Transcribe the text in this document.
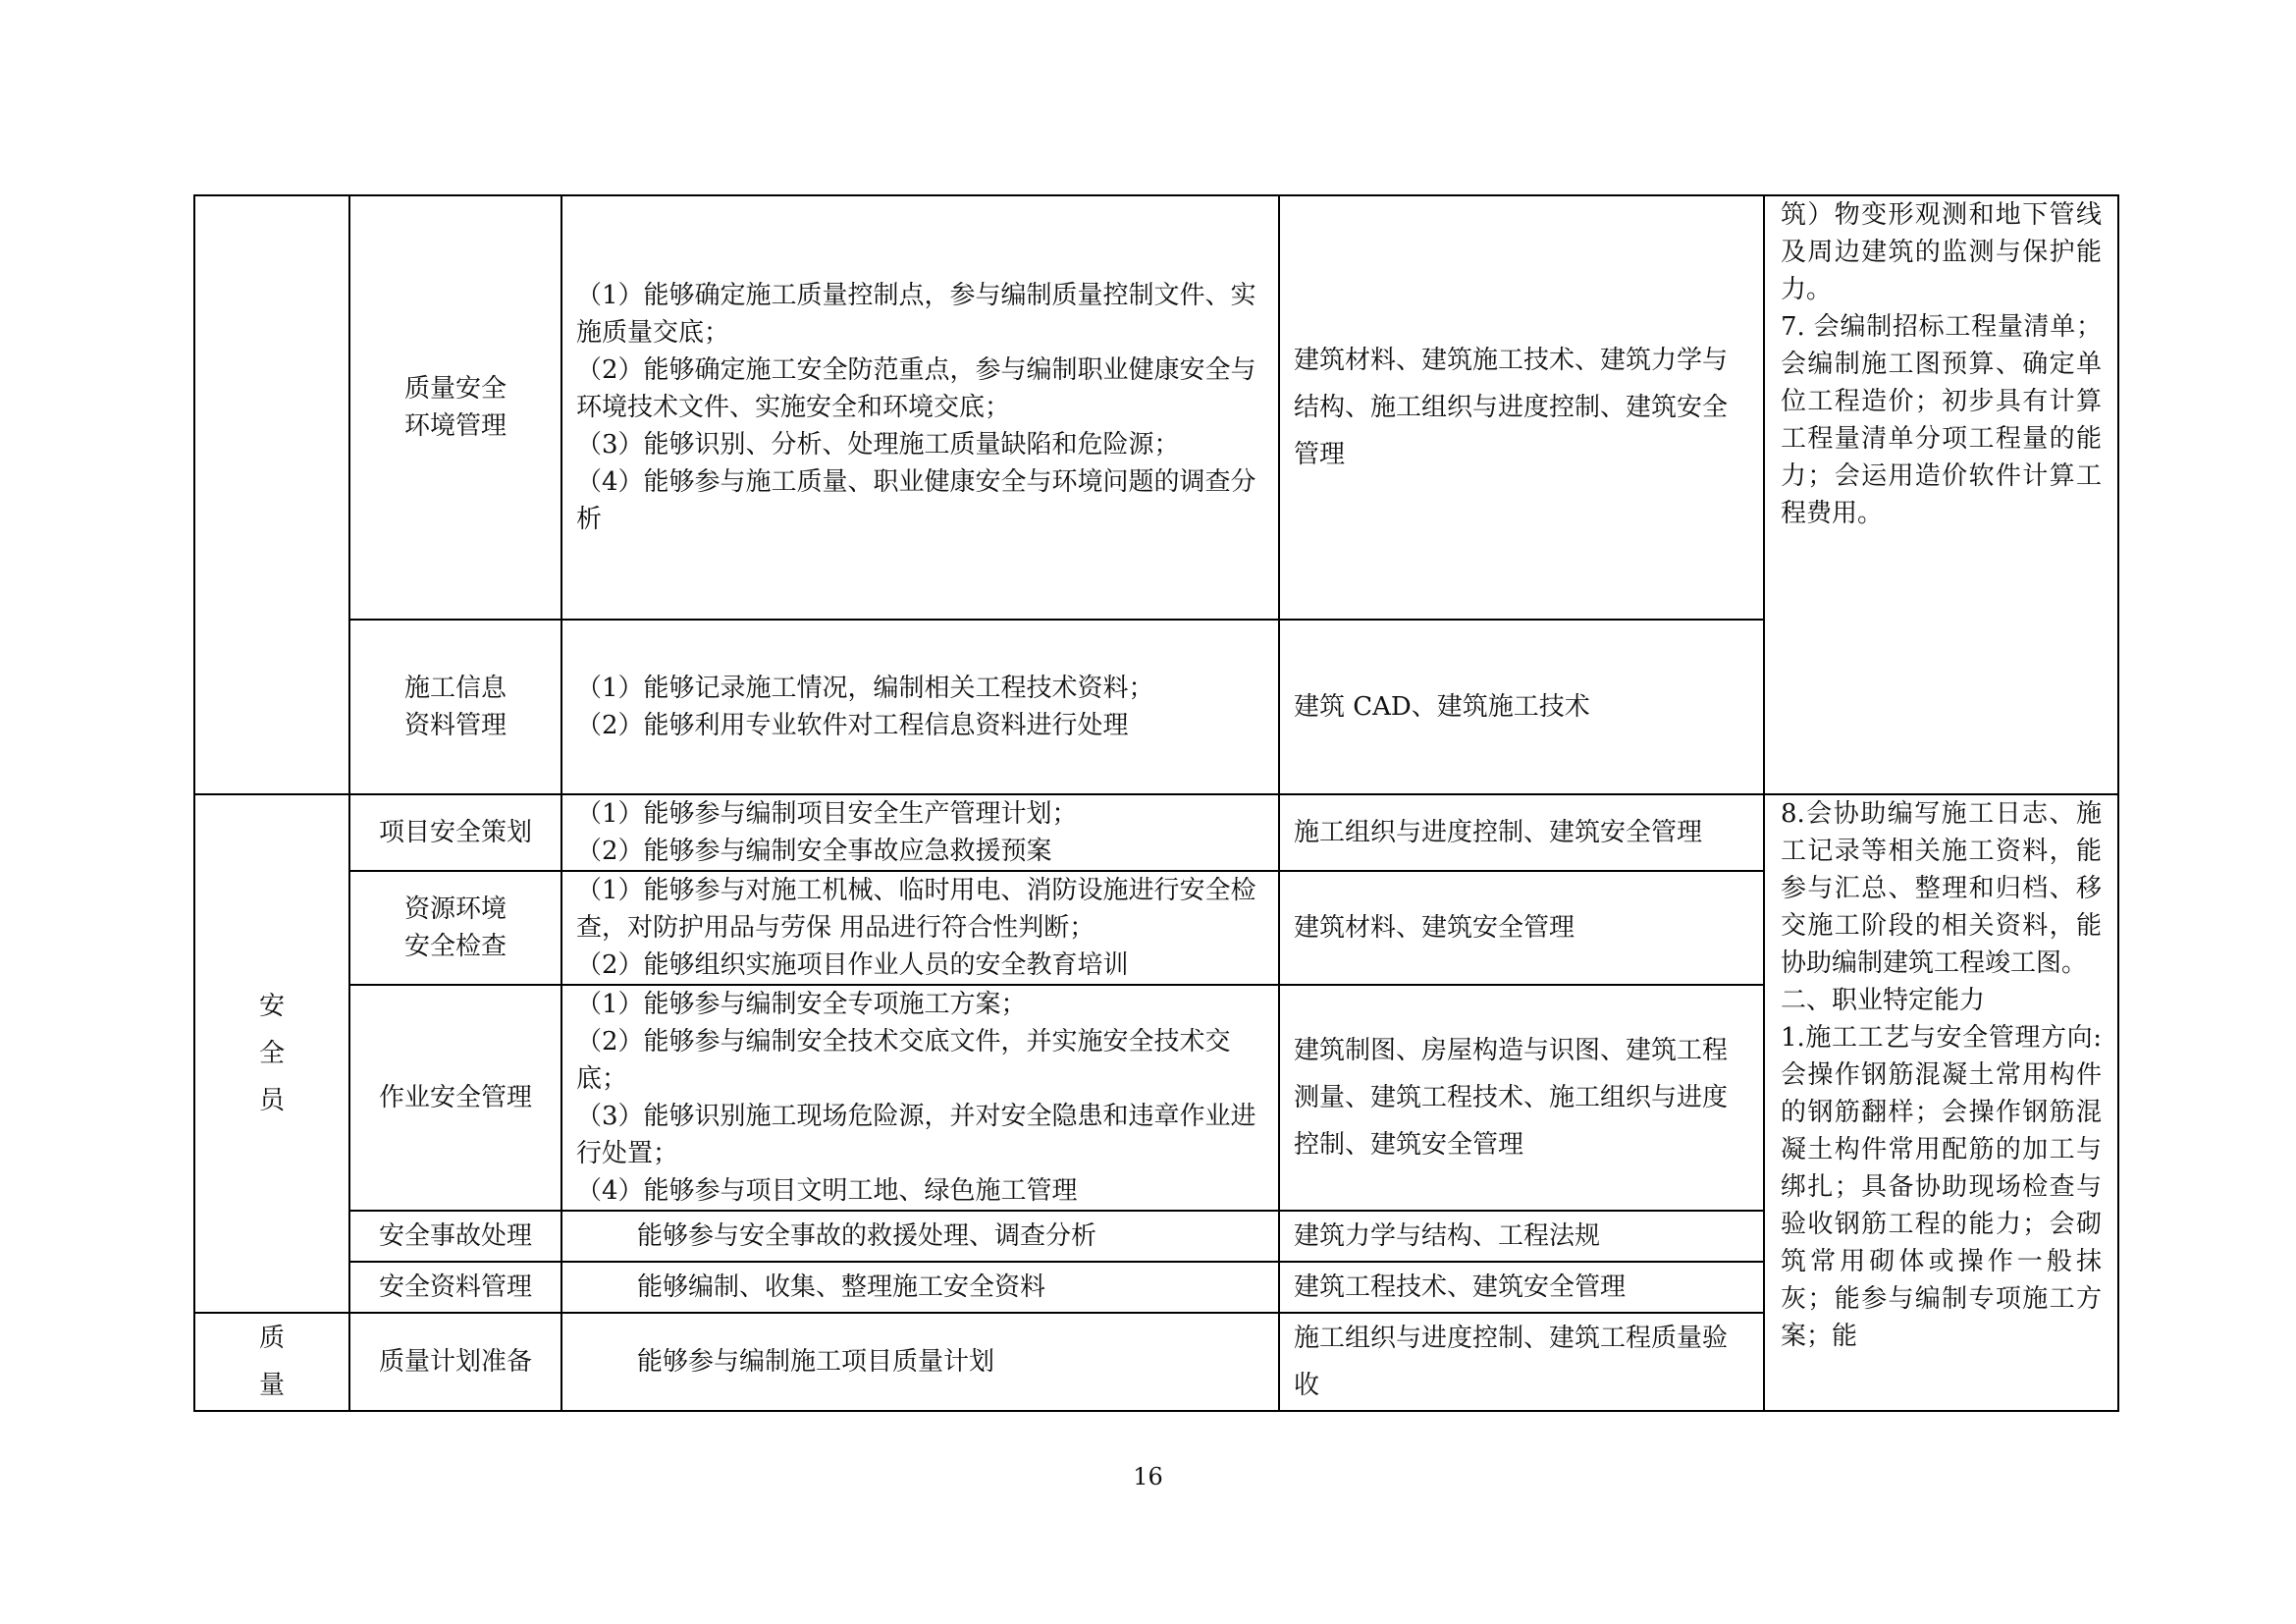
	质量安全
环境管理	（1）能够确定施工质量控制点，参与编制质量控制文件、实施质量交底；
（2）能够确定施工安全防范重点，参与编制职业健康安全与环境技术文件、实施安全和环境交底；
（3）能够识别、分析、处理施工质量缺陷和危险源；
（4）能够参与施工质量、职业健康安全与环境问题的调查分析	建筑材料、建筑施工技术、建筑力学与结构、施工组织与进度控制、建筑安全管理	筑）物变形观测和地下管线及周边建筑的监测与保护能力。
7. 会编制招标工程量清单；会编制施工图预算、确定单位工程造价；初步具有计算工程量清单分项工程量的能力；会运用造价软件计算工程费用。

	施工信息
资料管理	（1）能够记录施工情况，编制相关工程技术资料；
（2）能够利用专业软件对工程信息资料进行处理	建筑 CAD、建筑施工技术	

安
全
员	项目安全策划	（1）能够参与编制项目安全生产管理计划；
（2）能够参与编制安全事故应急救援预案	施工组织与进度控制、建筑安全管理	8.会协助编写施工日志、施工记录等相关施工资料，能参与汇总、整理和归档、移交施工阶段的相关资料，能协助编制建筑工程竣工图。
二、职业特定能力
1.施工工艺与安全管理方向:会操作钢筋混凝土常用构件的钢筋翻样；会操作钢筋混凝土构件常用配筋的加工与绑扎；具备协助现场检查与验收钢筋工程的能力；会砌筑常用砌体或操作一般抹灰；能参与编制专项施工方案；能

	资源环境
安全检查	（1）能够参与对施工机械、临时用电、消防设施进行安全检查，对防护用品与劳保 用品进行符合性判断；
（2）能够组织实施项目作业人员的安全教育培训	建筑材料、建筑安全管理	

	作业安全管理	（1）能够参与编制安全专项施工方案；
（2）能够参与编制安全技术交底文件，并实施安全技术交底；
（3）能够识别施工现场危险源，并对安全隐患和违章作业进行处置；
（4）能够参与项目文明工地、绿色施工管理	建筑制图、房屋构造与识图、建筑工程测量、建筑工程技术、施工组织与进度控制、建筑安全管理	

	安全事故处理	能够参与安全事故的救援处理、调查分析	建筑力学与结构、工程法规	

	安全资料管理	能够编制、收集、整理施工安全资料	建筑工程技术、建筑安全管理	

质
量	质量计划准备	能够参与编制施工项目质量计划	施工组织与进度控制、建筑工程质量验收	
16
